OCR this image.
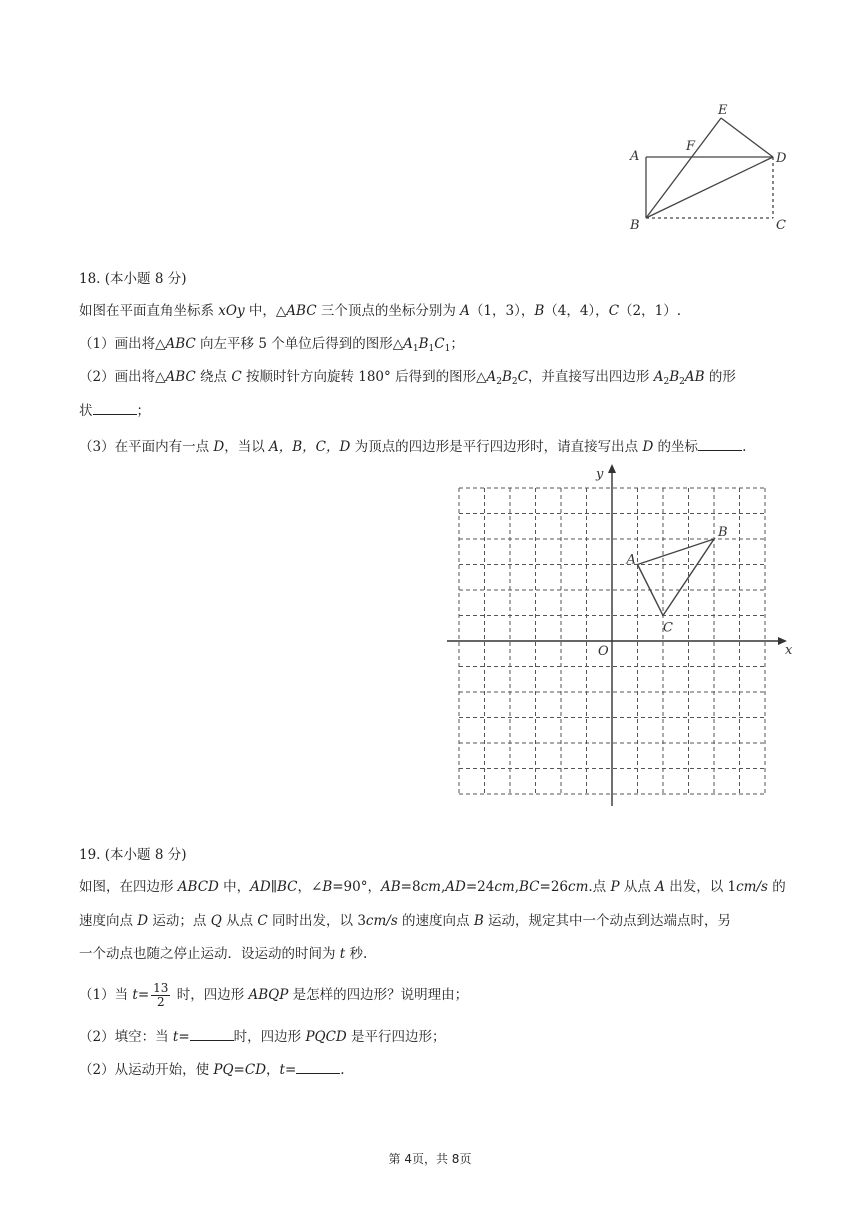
E
F
A	D
B	C
18. (本小题 8 分)
如图在平面直角坐标系 xOy 中，△ABC 三个顶点的坐标分别为 A（1，3），B（4，4），C（2，1）.
（1）画出将△ABC 向左平移 5 个单位后得到的图形$\triangle A_1B_1C_1$；
（2）画出将△ABC 绕点 C 按顺时针方向旋转 180° 后得到的图形$\triangle A_2B_2C$，并直接写出四边形 $A_2B_2AB$ 的形
状	；
（3）在平面内有一点 D，当以 A，B，C，D 为顶点的四边形是平行四边形时，请直接写出点 D 的坐标	.
x
y
O
A
B
C
19. (本小题 8 分)
如图，在四边形 ABCD 中，AD∥BC，∠B=90°，AB=8cm,AD=24cm,BC=26cm.点 P 从点 A 出发，以 1cm/s 的
速度向点 D 运动；点 Q 从点 C 同时出发，以 3cm/s 的速度向点 B 运动，规定其中一个动点到达端点时，另
一个动点也随之停止运动．设运动的时间为 t 秒.
（1）当 $t= \frac{13}{2}$ 时，四边形 ABQP 是怎样的四边形？说明理由；
（2）填空：当 t=	时，四边形 PQCD 是平行四边形；
（2）从运动开始，使 PQ=CD，t=	.
第 4页，共 8页
